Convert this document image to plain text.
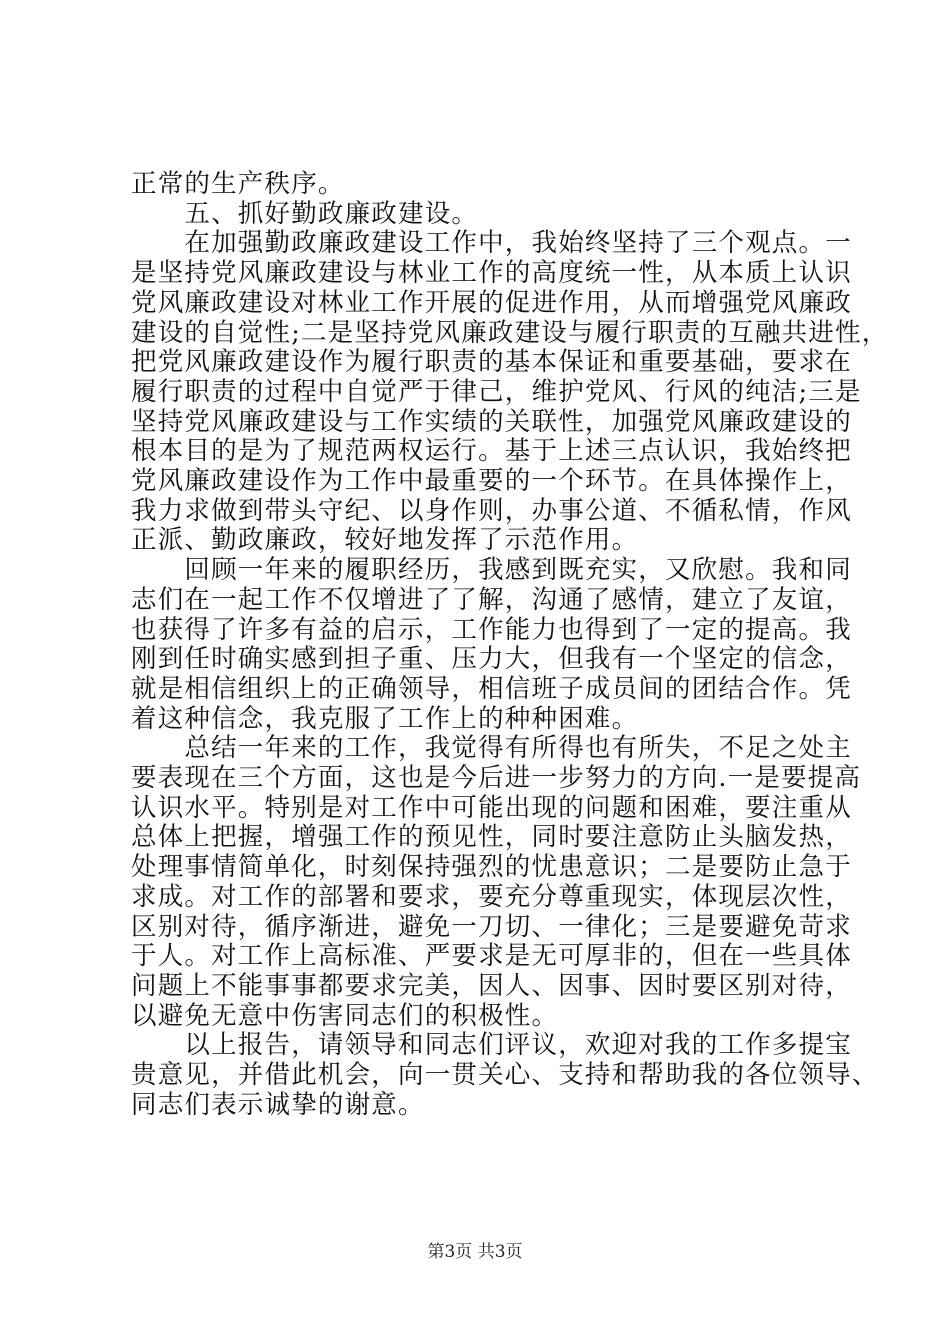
正常的生产秩序。
　　五、抓好勤政廉政建设。
　　在加强勤政廉政建设工作中，我始终坚持了三个观点。一
是坚持党风廉政建设与林业工作的高度统一性，从本质上认识
党风廉政建设对林业工作开展的促进作用，从而增强党风廉政
建设的自觉性;二是坚持党风廉政建设与履行职责的互融共进性，
把党风廉政建设作为履行职责的基本保证和重要基础，要求在
履行职责的过程中自觉严于律己，维护党风、行风的纯洁;三是
坚持党风廉政建设与工作实绩的关联性，加强党风廉政建设的
根本目的是为了规范两权运行。基于上述三点认识，我始终把
党风廉政建设作为工作中最重要的一个环节。在具体操作上，
我力求做到带头守纪、以身作则，办事公道、不循私情，作风
正派、勤政廉政，较好地发挥了示范作用。
　　回顾一年来的履职经历，我感到既充实，又欣慰。我和同
志们在一起工作不仅增进了了解，沟通了感情，建立了友谊，
也获得了许多有益的启示，工作能力也得到了一定的提高。我
刚到任时确实感到担子重、压力大，但我有一个坚定的信念，
就是相信组织上的正确领导，相信班子成员间的团结合作。凭
着这种信念，我克服了工作上的种种困难。
　　总结一年来的工作，我觉得有所得也有所失，不足之处主
要表现在三个方面，这也是今后进一步努力的方向.一是要提高
认识水平。特别是对工作中可能出现的问题和困难，要注重从
总体上把握，增强工作的预见性，同时要注意防止头脑发热，
处理事情简单化，时刻保持强烈的忧患意识；二是要防止急于
求成。对工作的部署和要求，要充分尊重现实，体现层次性，
区别对待，循序渐进，避免一刀切、一律化；三是要避免苛求
于人。对工作上高标准、严要求是无可厚非的，但在一些具体
问题上不能事事都要求完美，因人、因事、因时要区别对待，
以避免无意中伤害同志们的积极性。
　　以上报告，请领导和同志们评议，欢迎对我的工作多提宝
贵意见，并借此机会，向一贯关心、支持和帮助我的各位领导、
同志们表示诚挚的谢意。
第3页 共3页
